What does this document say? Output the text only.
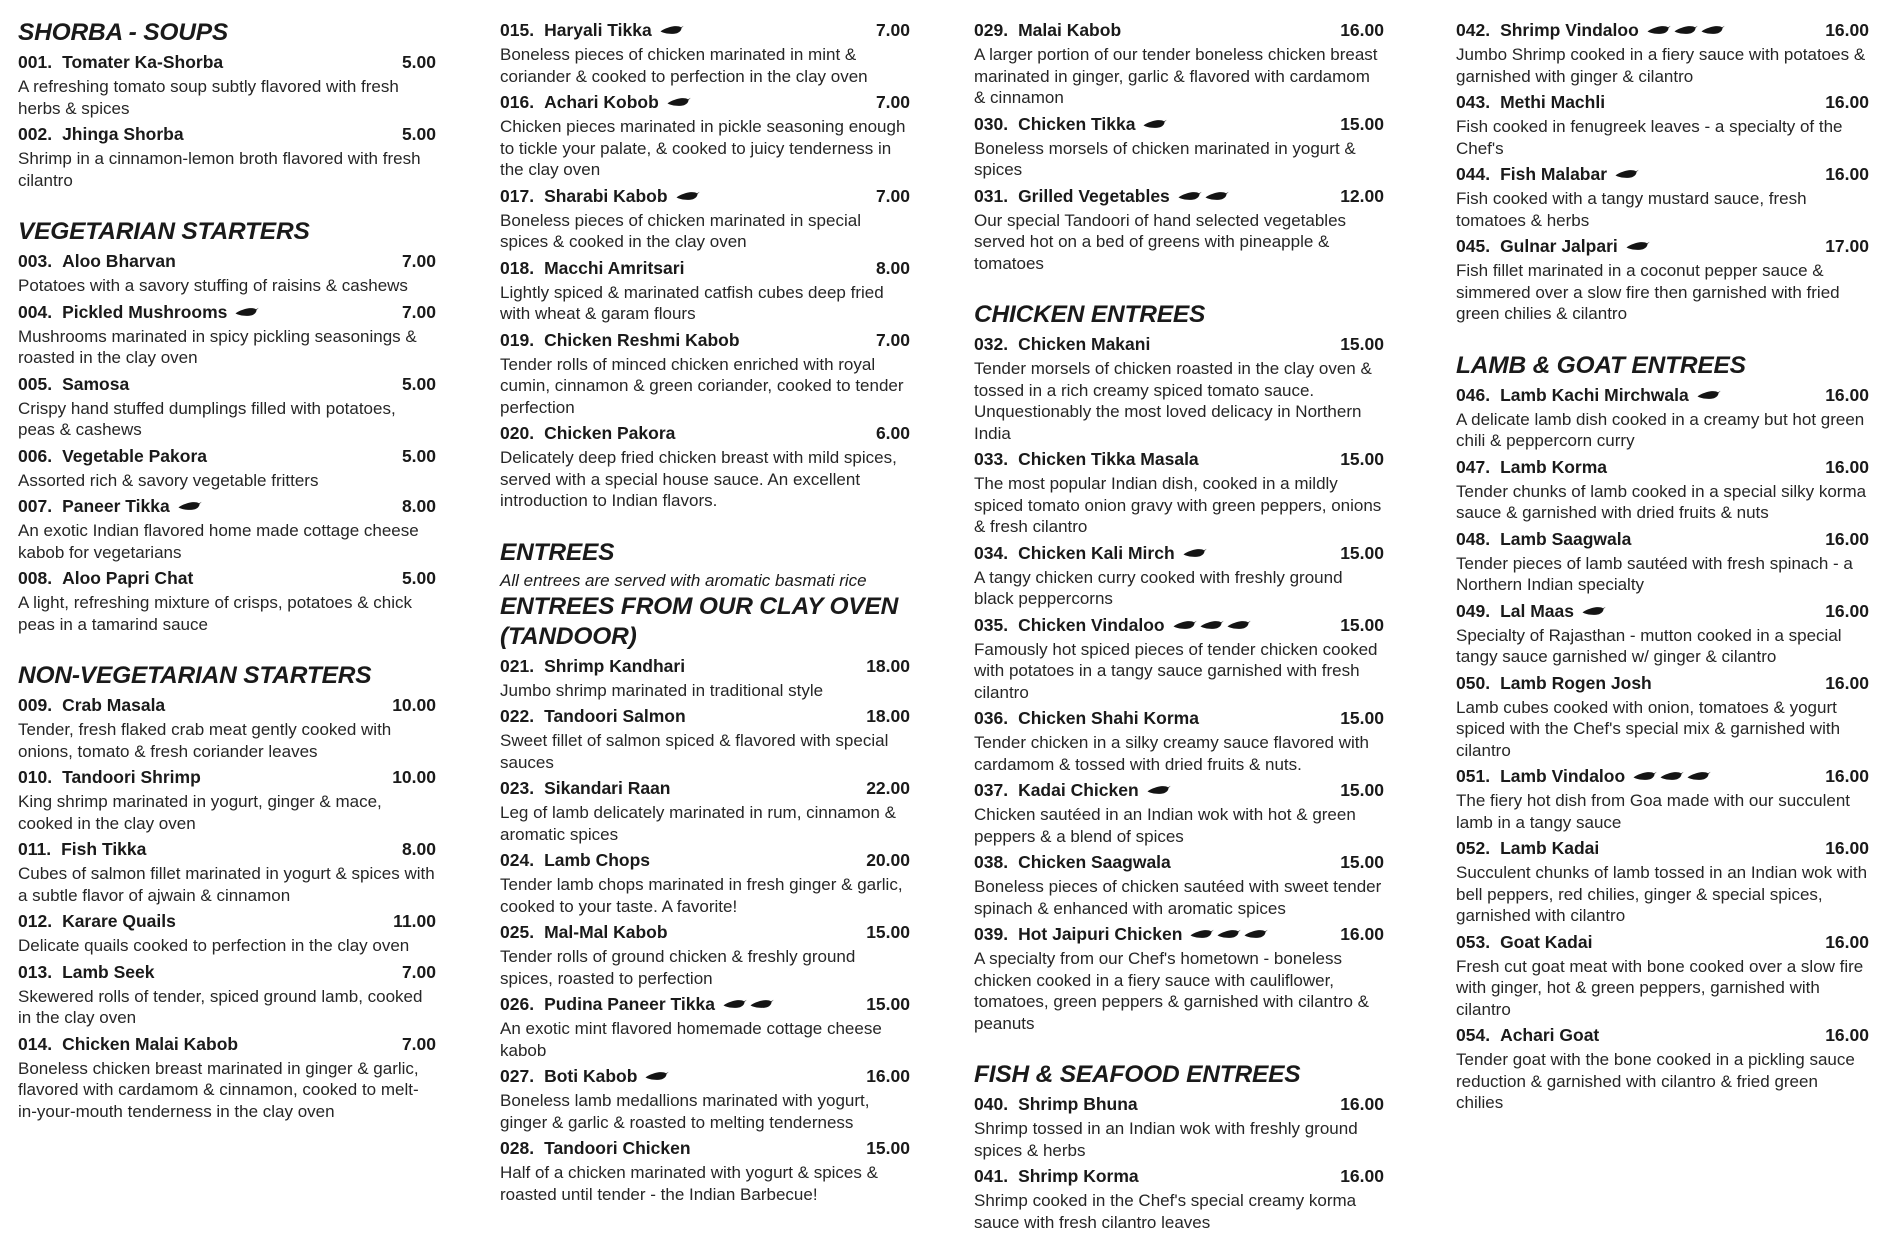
SHORBA - SOUPS
001. Tomater Ka-Shorba	5.00
A refreshing tomato soup subtly flavored with fresh herbs & spices
002. Jhinga Shorba	5.00
Shrimp in a cinnamon-lemon broth flavored with fresh cilantro
VEGETARIAN STARTERS
003. Aloo Bharvan	7.00
Potatoes with a savory stuffing of raisins & cashews
004. Pickled Mushrooms	7.00
Mushrooms marinated in spicy pickling seasonings & roasted in the clay oven
005. Samosa	5.00
Crispy hand stuffed dumplings filled with potatoes, peas & cashews
006. Vegetable Pakora	5.00
Assorted rich & savory vegetable fritters
007. Paneer Tikka	8.00
An exotic Indian flavored home made cottage cheese kabob for vegetarians
008. Aloo Papri Chat	5.00
A light, refreshing mixture of crisps, potatoes & chick peas in a tamarind sauce
NON-VEGETARIAN STARTERS
009. Crab Masala	10.00
Tender, fresh flaked crab meat gently cooked with onions, tomato & fresh coriander leaves
010. Tandoori Shrimp	10.00
King shrimp marinated in yogurt, ginger & mace, cooked in the clay oven
011. Fish Tikka	8.00
Cubes of salmon fillet marinated in yogurt & spices with a subtle flavor of ajwain & cinnamon
012. Karare Quails	11.00
Delicate quails cooked to perfection in the clay oven
013. Lamb Seek	7.00
Skewered rolls of tender, spiced ground lamb, cooked in the clay oven
014. Chicken Malai Kabob	7.00
Boneless chicken breast marinated in ginger & garlic, flavored with cardamom & cinnamon, cooked to melt-in-your-mouth tenderness in the clay oven
015. Haryali Tikka	7.00
Boneless pieces of chicken marinated in mint & coriander & cooked to perfection in the clay oven
016. Achari Kobob	7.00
Chicken pieces marinated in pickle seasoning enough to tickle your palate, & cooked to juicy tenderness in the clay oven
017. Sharabi Kabob	7.00
Boneless pieces of chicken marinated in special spices & cooked in the clay oven
018. Macchi Amritsari	8.00
Lightly spiced & marinated catfish cubes deep fried with wheat & garam flours
019. Chicken Reshmi Kabob	7.00
Tender rolls of minced chicken enriched with royal cumin, cinnamon & green coriander, cooked to tender perfection
020. Chicken Pakora	6.00
Delicately deep fried chicken breast with mild spices, served with a special house sauce. An excellent introduction to Indian flavors.
ENTREES
All entrees are served with aromatic basmati rice
ENTREES FROM OUR CLAY OVEN (TANDOOR)
021. Shrimp Kandhari	18.00
Jumbo shrimp marinated in traditional style
022. Tandoori Salmon	18.00
Sweet fillet of salmon spiced & flavored with special sauces
023. Sikandari Raan	22.00
Leg of lamb delicately marinated in rum, cinnamon & aromatic spices
024. Lamb Chops	20.00
Tender lamb chops marinated in fresh ginger & garlic, cooked to your taste. A favorite!
025. Mal-Mal Kabob	15.00
Tender rolls of ground chicken & freshly ground spices, roasted to perfection
026. Pudina Paneer Tikka	15.00
An exotic mint flavored homemade cottage cheese kabob
027. Boti Kabob	16.00
Boneless lamb medallions marinated with yogurt, ginger & garlic & roasted to melting tenderness
028. Tandoori Chicken	15.00
Half of a chicken marinated with yogurt & spices & roasted until tender - the Indian Barbecue!
029. Malai Kabob	16.00
A larger portion of our tender boneless chicken breast marinated in ginger, garlic & flavored with cardamom & cinnamon
030. Chicken Tikka	15.00
Boneless morsels of chicken marinated in yogurt & spices
031. Grilled Vegetables	12.00
Our special Tandoori of hand selected vegetables served hot on a bed of greens with pineapple & tomatoes
CHICKEN ENTREES
032. Chicken Makani	15.00
Tender morsels of chicken roasted in the clay oven & tossed in a rich creamy spiced tomato sauce. Unquestionably the most loved delicacy in Northern India
033. Chicken Tikka Masala	15.00
The most popular Indian dish, cooked in a mildly spiced tomato onion gravy with green peppers, onions & fresh cilantro
034. Chicken Kali Mirch	15.00
A tangy chicken curry cooked with freshly ground black peppercorns
035. Chicken Vindaloo	15.00
Famously hot spiced pieces of tender chicken cooked with potatoes in a tangy sauce garnished with fresh cilantro
036. Chicken Shahi Korma	15.00
Tender chicken in a silky creamy sauce flavored with cardamom & tossed with dried fruits & nuts.
037. Kadai Chicken	15.00
Chicken sautéed in an Indian wok with hot & green peppers & a blend of spices
038. Chicken Saagwala	15.00
Boneless pieces of chicken sautéed with sweet tender spinach & enhanced with aromatic spices
039. Hot Jaipuri Chicken	16.00
A specialty from our Chef's hometown - boneless chicken cooked in a fiery sauce with cauliflower, tomatoes, green peppers & garnished with cilantro & peanuts
FISH & SEAFOOD ENTREES
040. Shrimp Bhuna	16.00
Shrimp tossed in an Indian wok with freshly ground spices & herbs
041. Shrimp Korma	16.00
Shrimp cooked in the Chef's special creamy korma sauce with fresh cilantro leaves
042. Shrimp Vindaloo	16.00
Jumbo Shrimp cooked in a fiery sauce with potatoes & garnished with ginger & cilantro
043. Methi Machli	16.00
Fish cooked in fenugreek leaves - a specialty of the Chef's
044. Fish Malabar	16.00
Fish cooked with a tangy mustard sauce, fresh tomatoes & herbs
045. Gulnar Jalpari	17.00
Fish fillet marinated in a coconut pepper sauce & simmered over a slow fire then garnished with fried green chilies & cilantro
LAMB & GOAT ENTREES
046. Lamb Kachi Mirchwala	16.00
A delicate lamb dish cooked in a creamy but hot green chili & peppercorn curry
047. Lamb Korma	16.00
Tender chunks of lamb cooked in a special silky korma sauce & garnished with dried fruits & nuts
048. Lamb Saagwala	16.00
Tender pieces of lamb sautéed with fresh spinach - a Northern Indian specialty
049. Lal Maas	16.00
Specialty of Rajasthan - mutton cooked in a special tangy sauce garnished w/ ginger & cilantro
050. Lamb Rogen Josh	16.00
Lamb cubes cooked with onion, tomatoes & yogurt spiced with the Chef's special mix & garnished with cilantro
051. Lamb Vindaloo	16.00
The fiery hot dish from Goa made with our succulent lamb in a tangy sauce
052. Lamb Kadai	16.00
Succulent chunks of lamb tossed in an Indian wok with bell peppers, red chilies, ginger & special spices, garnished with cilantro
053. Goat Kadai	16.00
Fresh cut goat meat with bone cooked over a slow fire with ginger, hot & green peppers, garnished with cilantro
054. Achari Goat	16.00
Tender goat with the bone cooked in a pickling sauce reduction & garnished with cilantro & fried green chilies
